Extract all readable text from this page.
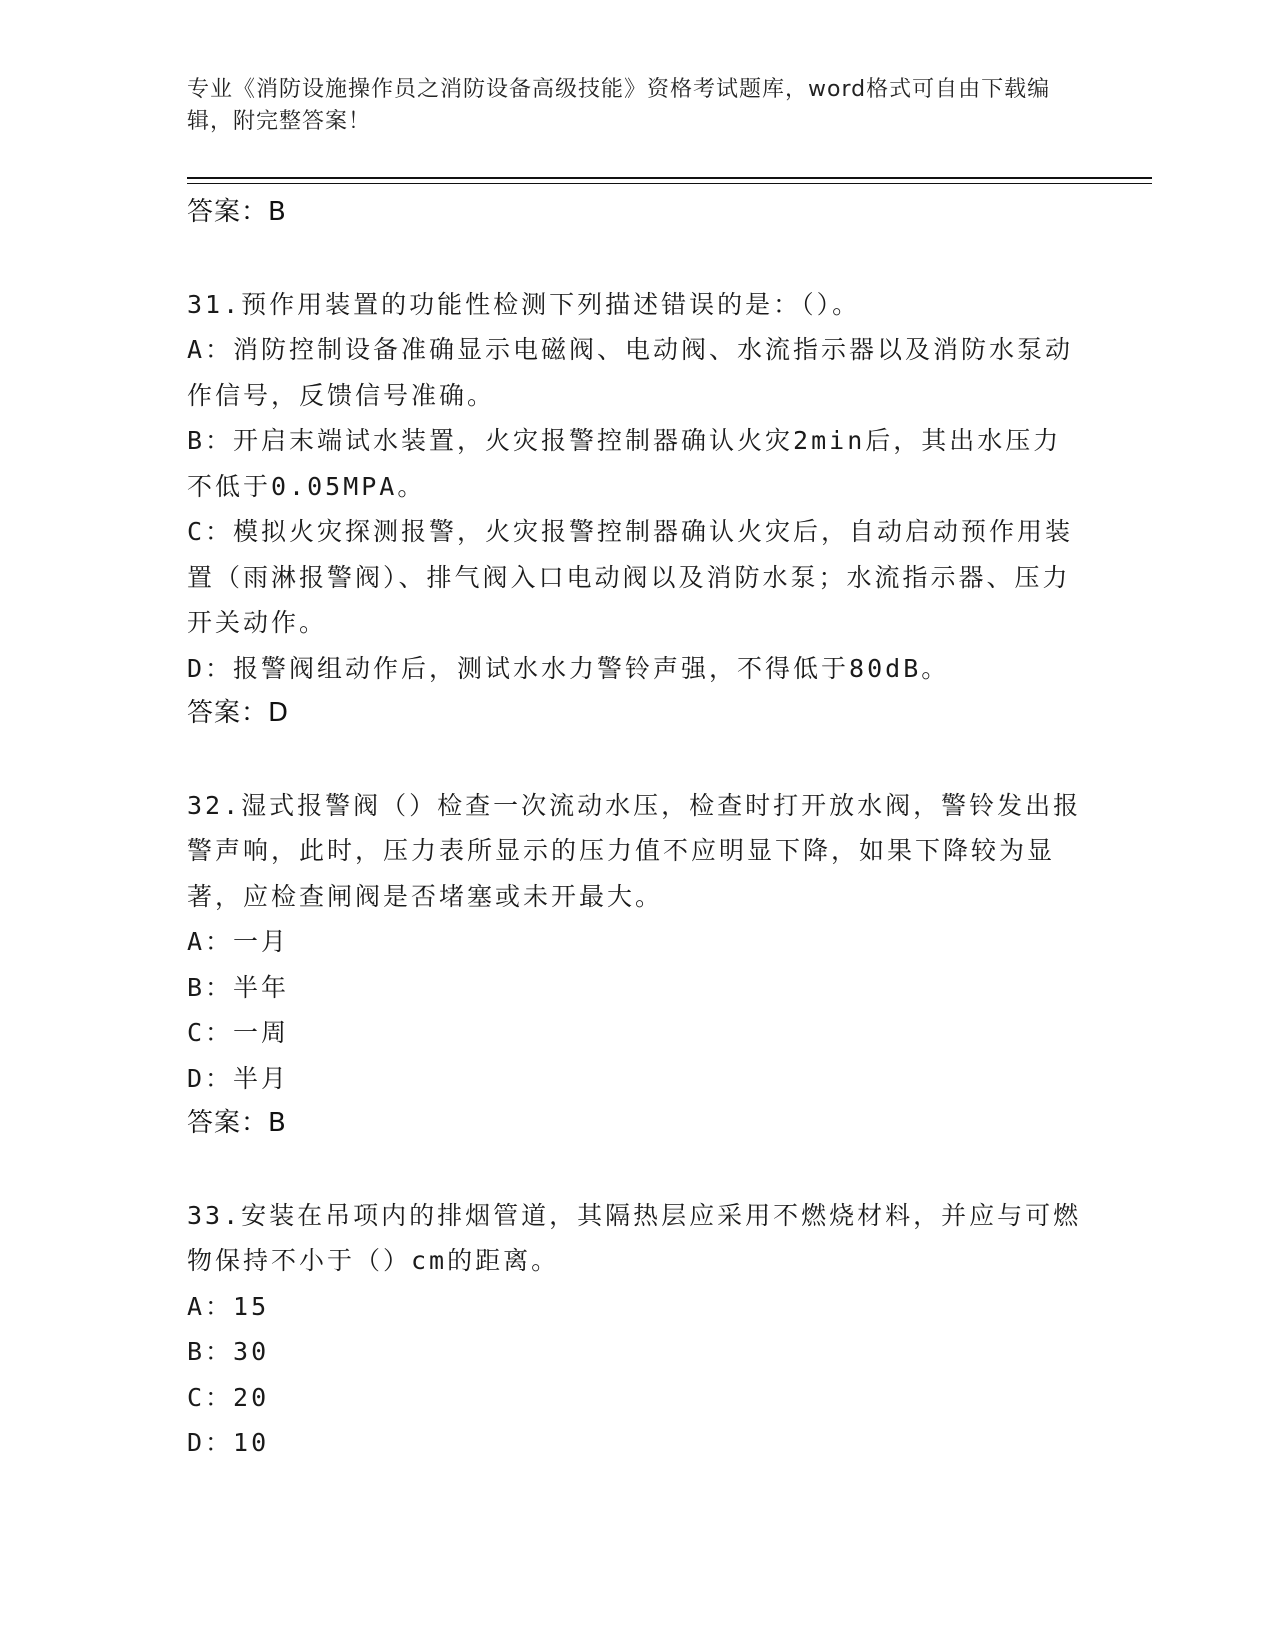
专业《消防设施操作员之消防设备高级技能》资格考试题库，word格式可自由下载编辑，附完整答案！

答案：B

31.预作用装置的功能性检测下列描述错误的是：（）。

A：消防控制设备准确显示电磁阀、电动阀、水流指示器以及消防水泵动作信号，反馈信号准确。

B：开启末端试水装置，火灾报警控制器确认火灾2min后，其出水压力不低于0.05MPA。

C：模拟火灾探测报警，火灾报警控制器确认火灾后，自动启动预作用装置（雨淋报警阀）、排气阀入口电动阀以及消防水泵；水流指示器、压力开关动作。

D：报警阀组动作后，测试水水力警铃声强，不得低于80dB。

答案：D

32.湿式报警阀（）检查一次流动水压，检查时打开放水阀，警铃发出报警声响，此时，压力表所显示的压力值不应明显下降，如果下降较为显著，应检查闸阀是否堵塞或未开最大。

A：一月

B：半年

C：一周

D：半月

答案：B

33.安装在吊项内的排烟管道，其隔热层应采用不燃烧材料，并应与可燃物保持不小于（）cm的距离。

A：15

B：30

C：20

D：10
